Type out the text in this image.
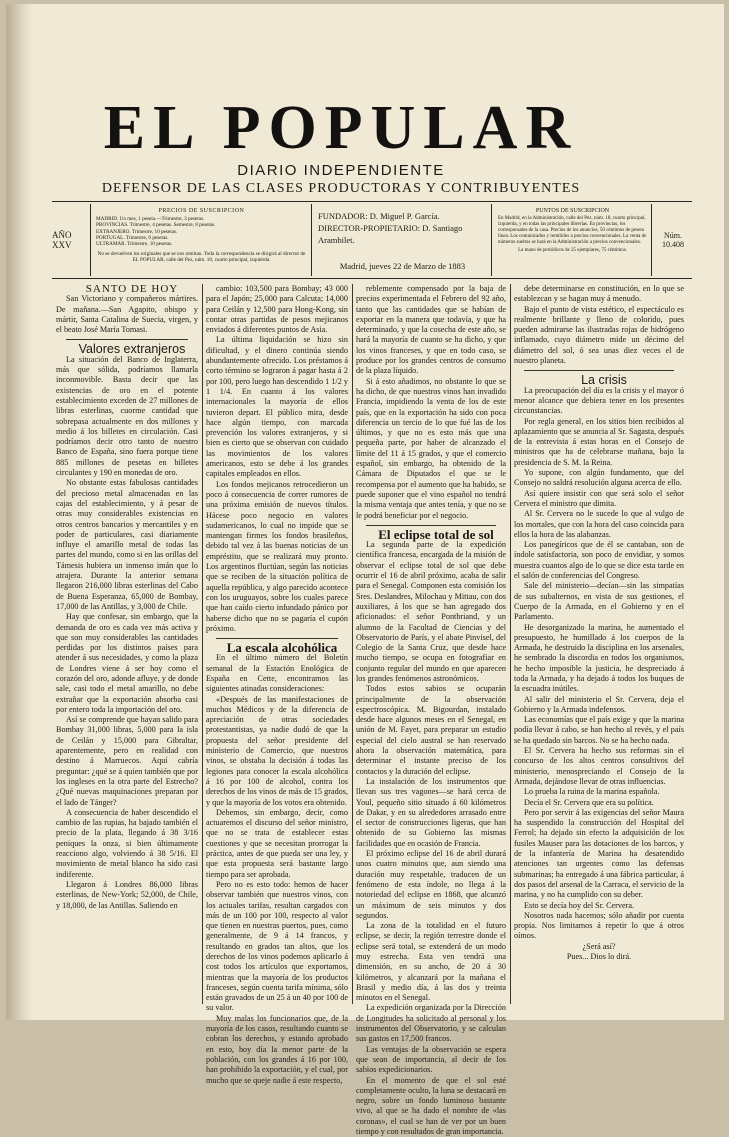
EL POPULAR
DIARIO INDEPENDIENTE
DEFENSOR DE LAS CLASES PRODUCTORAS Y CONTRIBUYENTES
AÑO XXV
PRECIOS DE SUSCRIPCION
MADRID. Un mes, 1 peseta.—Trimestre, 3 pesetas.
PROVINCIAS. Trimestre, 4 pesetas. Semestre, 8 pesetas.
EXTRANJERO. Trimestre, 10 pesetas.
PORTUGAL. Trimestre, 6 pesetas.
ULTRAMAR. Trimestre, 10 pesetas.
No se devuelven los originales que se nos remitan. Toda la correspondencia se dirigirá al director de EL POPULAR, calle del Pez, núm. 18, cuarto principal, izquierda.
FUNDADOR: D. Miguel P. García.
DIRECTOR-PROPIETARIO: D. Santiago Arambilet.
Madrid, jueves 22 de Marzo de 1883
PUNTOS DE SUSCRIPCION
En Madrid, en la Administración, calle del Pez, núm. 18, cuarto principal, izquierda, y en todas las principales librerías. En provincias, los corresponsales de la casa. Precios de los anuncios, 50 céntimos de peseta línea. Los comunicados y remitidos a precios convencionales. La venta de números sueltos se hará en la Administración a precios convencionales.
La mano de periódicos de 25 ejemplares, 75 céntimos.
Núm. 10.408

SANTO DE HOY

San Victoriano y compañeros mártires. De mañana.—San Agapito, obispo y mártir, Santa Catalina de Suecia, virgen, y el beato José María Tomasi.

Valores extranjeros

La situación del Banco de Inglaterra, más que sólida, podríamos llamarla inconmovible. Basta decir que las existencias de oro en el potente establecimiento exceden de 27 millones de libras esterlinas, cuorme cantidad que sobrepasa actualmente en dos millones y medio á los billetes en circulación. Casi podríamos decir otro tanto de nuestro Banco de España, sino fuera porque tiene 885 millones de pesetas en billetes circulantes y 190 en monedas de oro.

No obstante estas fabulosas cantidades del precioso metal almacenadas en las cajas del establecimiento, y á pesar de otras muy considerables existencias en otros centros bancarios y mercantiles y en poder de particulares, casi diariamente influye el amarillo metal de todas las partes del mundo, como si en las orillas del Támesis hubiera un inmenso imán que lo atrajera. Durante la anterior semana llegaron 216,000 libras esterlinas del Cabo de Buena Esperanza, 65,000 de Bombay, 17,000 de las Antillas, y 3,000 de Chile.

Hay que confesar, sin embargo, que la demanda de oro es cada vez más activa y que son muy considerables las cantidades perdidas por los distintos países para atender á sus necesidades, y como la plaza de Londres viene á ser hoy como el corazón del oro, adonde afluye, y de donde sale, casi todo el metal amarillo, no debe extrañar que la exportación absorba casi por entero toda la importación del oro.

Así se comprende que hayan salido para Bombay 31,000 libras, 5,000 para la isla de Ceilán y 15,000 para Gibraltar, aparentemente, pero en realidad con destino á Marruecos. Aquí cabría preguntar: ¿qué se á quien también que por los ingleses en la otra parte del Estrecho? ¿Qué nuevas maquinaciones preparan por el lado de Tánger?

A consecuencia de haber descendido el cambio de las rupias, ha bajado también el precio de la plata, llegando á 38 3/16 peniques la onza, si bien últimamente reacciono algo, volviendo á 38 5/16. El movimiento de metal blanco ha sido casi indiferente.

Llegaron á Londres 86,000 libras esterlinas, de New-York; 52,000, de Chile, y 18,000, de las Antillas. Saliendo en

cambio: 103,500 para Bombay; 43 000 para el Japón; 25,000 para Calcuta; 14,000 para Ceilán y 12,500 para Hong-Kong, sin contar otras partidas de pesos mejicanos enviados á diferentes puntos de Asia.

La última liquidación se hizo sin dificultad, y el dinero continúa siendo abundantemente ofrecido. Los préstamos á corto término se lograron á pagar hasta á 2 por 100, pero luego han descendido 1 1/2 y 1 1/4. En cuanto á los valores internacionales la mayoría de ellos tuvieron depart. El público mira, desde hace algún tiempo, con marcada prevención los valores extranjeros, y si bien es cierto que se observan con cuidado las movimientos de los valores americanos, esto se debe á los grandes capitales empleados en ellos.

Los fondos mejicanos retrocedieron un poco á consecuencia de correr rumores de una próxima emisión de nuevos títulos. Hácese poco negocio en valores sudamericanos, lo cual no impide que se mantengan firmes los fondos brasileños, debido tal vez á las buenas noticias de un empréstito, que se realizará muy pronto. Los argentinos fluctúan, según las noticias que se reciben de la situación política de aquella república, y algo parecido acontece con los uruguayos, sobre los cuales parece que han caído cierto infundado pánico por haberse dicho que no se pagaría el cupón próximo.

La escala alcohólica

En el último número del Boletín semanal de la Estación Enológica de España en Cette, encontramos las siguientes atinadas consideraciones:

«Después de las manifestaciones de muchos Médicos y de la diferencia de apreciación de otras sociedades protestantistas, ya nadie dudó de que la propuesta del señor presidente del ministerio de Comercio, que nuestros vinos, se obstaba la decisión á todas las legiones para conocer la escala alcohólica á 16 por 100 de alcohol, contra los derechos de los vinos de más de 15 grados, y que la mayoría de los votos era obtenido.

Debemos, sin embargo, decir, como actuaremos el discurso del señor ministro, que no se trata de establecer estas cuestiones y que se necesitan prorrogar la práctica, antes de que pueda ser una ley, y que esta propuesta será bastante largo tiempo para ser aprobada.

Pero no es esto todo: hemos de hacer observar también que nuestros vinos, con los actuales tarifas, resultan cargados con más de un 100 por 100, respecto al valor que tienen en nuestras puertos, pues, como generalmente, de 9 á 14 francos, y resultando en grados tan altos, que los derechos de los vinos podemos aplicarlo á cost todos los artículos que exportamos, mientras que la mayoría de los productos franceses, según cuenta tarifa mínima, sólo están gravados de un 25 á un 40 por 100 de su valor.

Muy malas los funcionarios que, de la mayoría de los casos, resultando cuanto se cobran los derechos, y estando aprobado en esto, hoy día la menor parte de la población, con los grandes á 16 por 100, han prohibido la exportación, y el cual, por mucho que se queje nadie á este respecto,

reblemente compensado por la baja de precios experimentada el Febrero del 92 año, tanto que las cantidades que se habían de exportar en la manera que todavía, y que ha determinado, y que la cosecha de este año, se hará la mayoría de cuanto se ha dicho, y que los vinos franceses, y que en todo caso, se produce por los grandes centros de consumo de la plaza líquido.

Si á esto añadimos, no obstante lo que se ha dicho, de que nuestros vinos han invadido Francia, impidiendo la venta de los de este país, que en la exportación ha sido con poca diferencia un tercio de lo que fué las de los últimos, y que no es esto más que una pequeña parte, por haber de alcanzado el límite del 11 á 15 grados, y que el comercio español, sin embargo, ha obtenido de la Cámara de Diputados el que se le recompensa por el aumento que ha habido, se puede suponer que el vino español no tendrá la misma ventaja que antes tenía, y que no se le podrá beneficiar por el negocio.

El eclipse total de sol

La segunda parte de la expedición científica francesa, encargada de la misión de observar el eclipse total de sol que debe ocurrir el 16 de abril próximo, acaba de salir para el Senegal. Componen esta comisión los Sres. Deslandres, Milochau y Mittau, con dos auxiliares, á los que se han agregado dos aficionados: el señor Pontbriand, y un alumno de la Facultad de Ciencias y del Observatorio de París, y el abate Pinvisel, del Colegio de la Santa Cruz, que desde hace mucho tiempo, se ocupa en fotografiar en conjunto regular del mundo en que aparecen los grandes fenómenos astronómicos.

Todos estos sabios se ocuparán principalmente de la observación espectroscópica. M. Bigourdan, instalado desde hace algunos meses en el Senegal, en unión de M. Fayet, para preparar un estudio especial del cielo austral se han reservado ahora la observación matemática, para determinar el instante preciso de los contactos y la duración del eclipse.

La instalación de los instrumentos que llevan sus tres vagones—se hará cerca de Youl, pequeño sitio situado á 60 kilómetros de Dakar, y en su alrededores arrasado entre el sector de construcciones ligeras, que han obtenido de su Gobierno las mismas facilidades que en ocasión de Francia.

El próximo eclipse del 16 de abril durará unos cuatro minutos que, aun siendo una duración muy respetable, traducen de un fenómeno de esta índole, no llega á la notoriedad del eclipse en 1868, que alcanzó un máximum de seis minutos y dos segundos.

La zona de la totalidad en el futuro eclipse, se decir, la región terrestre donde el eclipse será total, se extenderá de un modo muy estrecha. Esta ven tendrá una dimensión, en su ancho, de 20 á 30 kilómetros, y alcanzará por la mañana el Brasil y medio día, á las dos y treinta minutos en el Senegal.

La expedición organizada por la Dirección de Longitudes ha solicitado al personal y los instrumentos del Observatorio, y se calculan sus gastos en 17,500 francos.

Las ventajas de la observación se espera que sean de importancia, al decir de los sabios expedicionarios.

En el momento de que el sol esté completamente oculto, la luna se destacará en negro, sobre un fondo luminoso bastante vivo, al que se ha dado el nombre de «las coronas», el cual se han de ver por un buen tiempo y con resultados de gran importancia.

debe determinarse en constitución, en lo que se establezcan y se hagan muy á menudo.

Bajo el punto de vista estético, el espectáculo es realmente brillante y lleno de colorido, pues pueden admirarse las ilustradas rojas de hidrógeno inflamado, cuyo diámetro mide un décimo del diámetro del sol, ó sea unas diez veces el de nuestro planeta.

La crisis

La preocupación del día es la crisis y el mayor ó menor alcance que debiera tener en los presentes circunstancias.

Por regla general, en los sitios bien recibidos al aplazamiento que se anuncia al Sr. Sagasta, después de la entrevista á estas horas en el Consejo de ministros que ha de celebrarse mañana, bajo la presidencia de S. M. la Reina.

Yo supone, con algún fundamento, que del Consejo no saldrá resolución alguna acerca de ello.

Así quiere insistir con que será solo el señor Cervera el ministro que dimita.

Al Sr. Cervera no le sucede lo que al vulgo de los mortales, que con la hora del caso coincida para ellos la hora de las alabanzas.

Los panegíricos que de él se cantaban, son de índole satisfactoria, son poco de envidiar, y somos muestra cuantos algo de lo que se dice esta tarde en el salón de conferencias del Congreso.

Sale del ministerio—decían—sin las simpatías de sus subalternos, en vista de sus gestiones, el Cuerpo de la Armada, en el Gobierno y en el Parlamento.

He desorganizado la marina, he aumentado el presupuesto, he humillado á los cuerpos de la Armada, he destruido la disciplina en los arsenales, he sembrado la discordia en todos los organismos, he hecho imposible la justicia, he despreciado á toda la Armada, y ha dejado á todos los buques de la escuadra inútiles.

Al salir del ministerio el Sr. Cervera, deja el Gobierno y la Armada indefensos.

Las economías que el país exige y que la marina podía llevar á cabo, se han hecho al revés, y el país se ha quedado sin barcos. No se ha hecho nada.

El Sr. Cervera ha hecho sus reformas sin el concurso de los altos centros consultivos del ministerio, menospreciando el Consejo de la Armada, dejándose llevar de otras influencias.

Lo prueba la ruina de la marina española.

Decía el Sr. Cervera que era su política.

Pero por servir á las exigencias del señor Maura ha suspendido la construcción del Hospital del Ferrol; ha dejado sin efecto la adquisición de los fusiles Mauser para las dotaciones de los barcos, y de la infantería de Marina ha desatendido atenciones tan urgentes como las defensas submarinas; ha entregado á una fábrica particular, á dos pasos del arsenal de la Carraca, el servicio de la marina, y no ha cumplido con su deber.

Esto se decía hoy del Sr. Cervera.

Nosotros nada hacemos; sólo añadir por cuenta propia. Nos limitamos á repetir lo que á otros oímos.

¿Será así?

Pues... Dios lo dirá.
